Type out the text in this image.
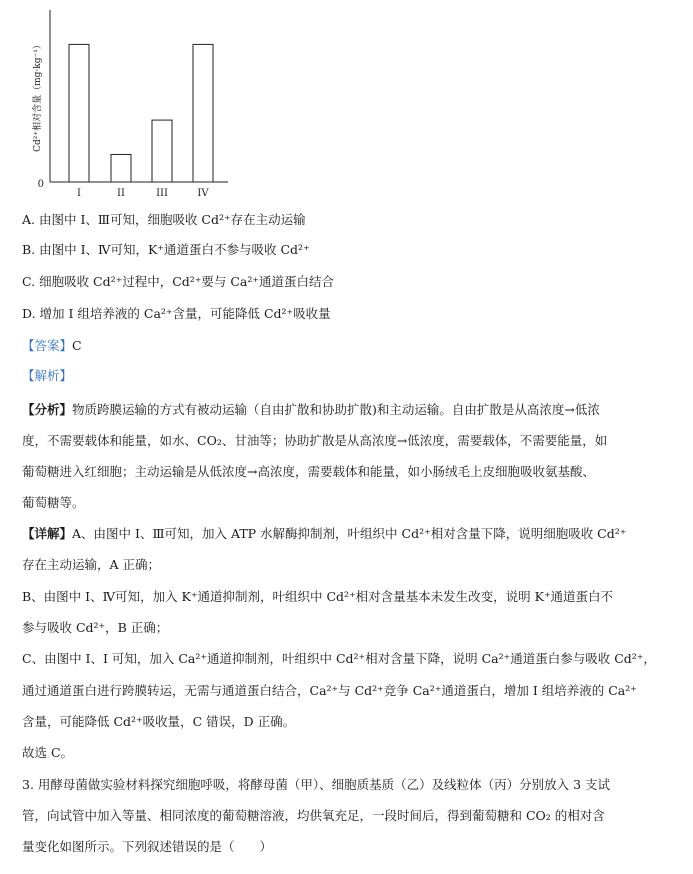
Cd²⁺相对含量（mg·kg⁻¹）
0
I	II	III	IV
A. 由图中 I、Ⅲ可知，细胞吸收 Cd²⁺存在主动运输
B. 由图中 I、Ⅳ可知，K⁺通道蛋白不参与吸收 Cd²⁺
C. 细胞吸收 Cd²⁺过程中，Cd²⁺要与 Ca²⁺通道蛋白结合
D. 增加 I 组培养液的 Ca²⁺含量，可能降低 Cd²⁺吸收量
【答案】C
【解析】
【分析】物质跨膜运输的方式有被动运输（自由扩散和协助扩散)和主动运输。自由扩散是从高浓度→低浓
度，不需要载体和能量，如水、CO₂、甘油等；协助扩散是从高浓度→低浓度，需要载体，不需要能量，如
葡萄糖进入红细胞；主动运输是从低浓度→高浓度，需要载体和能量，如小肠绒毛上皮细胞吸收氨基酸、
葡萄糖等。
【详解】A、由图中 I、Ⅲ可知，加入 ATP 水解酶抑制剂，叶组织中 Cd²⁺相对含量下降，说明细胞吸收 Cd²⁺
存在主动运输，A 正确；
B、由图中 I、Ⅳ可知，加入 K⁺通道抑制剂，叶组织中 Cd²⁺相对含量基本未发生改变，说明 K⁺通道蛋白不
参与吸收 Cd²⁺，B 正确；
C、由图中 I、I 可知，加入 Ca²⁺通道抑制剂，叶组织中 Cd²⁺相对含量下降，说明 Ca²⁺通道蛋白参与吸收 Cd²⁺，
通过通道蛋白进行跨膜转运，无需与通道蛋白结合，Ca²⁺与 Cd²⁺竞争 Ca²⁺通道蛋白，增加 I 组培养液的 Ca²⁺
含量，可能降低 Cd²⁺吸收量，C 错误，D 正确。
故选 C。
3. 用酵母菌做实验材料探究细胞呼吸，将酵母菌（甲）、细胞质基质（乙）及线粒体（丙）分别放入 3 支试
管，向试管中加入等量、相同浓度的葡萄糖溶液，均供氧充足，一段时间后，得到葡萄糖和 CO₂ 的相对含
量变化如图所示。下列叙述错误的是（　　）
